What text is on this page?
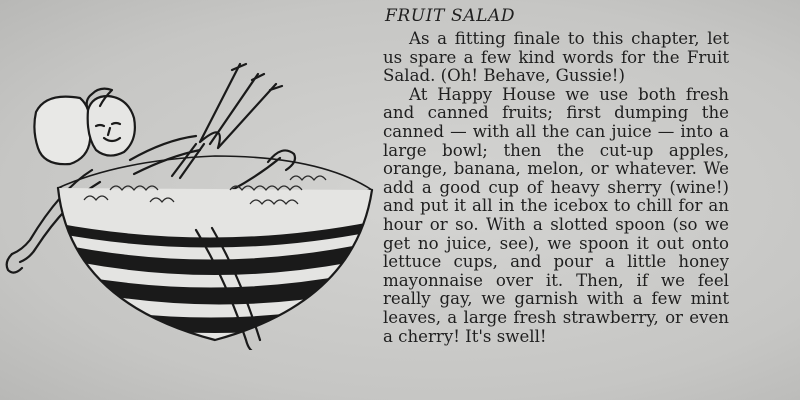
FRUIT SALAD

As a fitting finale to this chapter, let us spare a few kind words for the Fruit Salad. (Oh! Behave, Gussie!)

At Happy House we use both fresh and canned fruits; first dumping the canned — with all the can juice — into a large bowl; then the cut-up apples, orange, banana, melon, or whatever. We add a good cup of heavy sherry (wine!) and put it all in the icebox to chill for an hour or so. With a slotted spoon (so we get no juice, see), we spoon it out onto lettuce cups, and pour a little honey mayonnaise over it. Then, if we feel really gay, we garnish with a few mint leaves, a large fresh strawberry, or even a cherry! It's swell!
